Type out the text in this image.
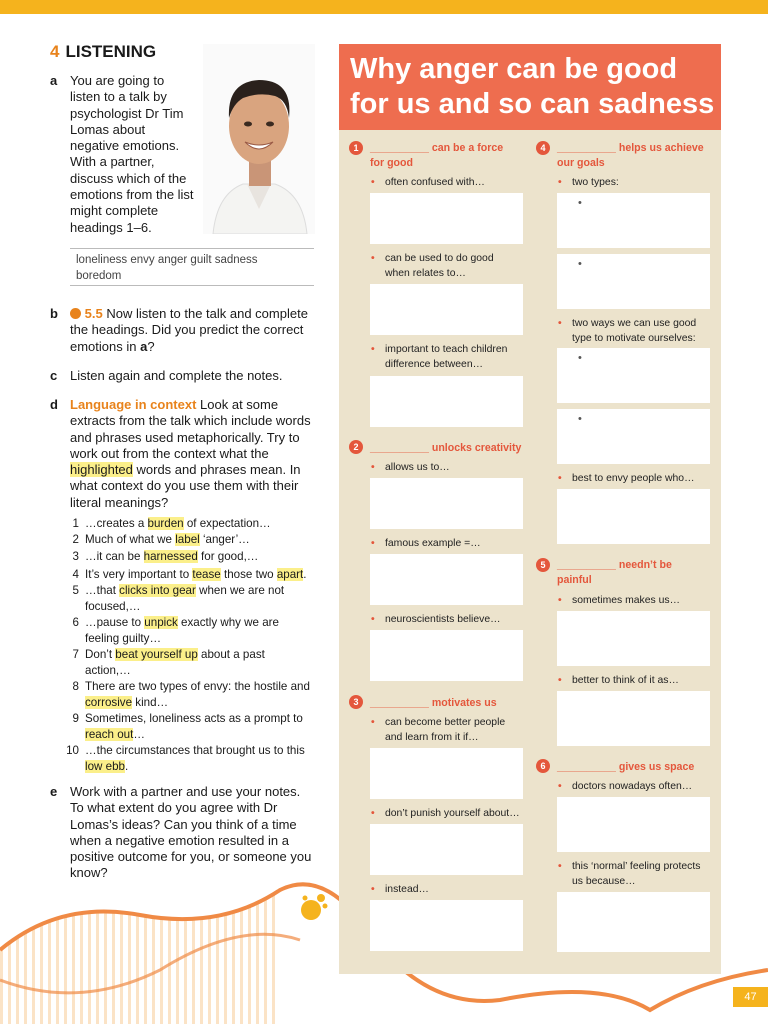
4 LISTENING
a You are going to listen to a talk by psychologist Dr Tim Lomas about negative emotions. With a partner, discuss which of the emotions from the list might complete headings 1–6.
loneliness envy anger guilt sadness
boredom
b	5.5 Now listen to the talk and complete the headings. Did you predict the correct emotions in a?
c Listen again and complete the notes.
d Language in context Look at some extracts from the talk which include words and phrases used metaphorically. Try to work out from the context what the highlighted words and phrases mean. In what context do you use them with their literal meanings?
1 …creates a burden of expectation…
2 Much of what we label ‘anger’…
3 …it can be harnessed for good,…
4 It’s very important to tease those two apart.
5 …that clicks into gear when we are not focused,…
6 …pause to unpick exactly why we are feeling guilty…
7 Don’t beat yourself up about a past action,…
8 There are two types of envy: the hostile and corrosive kind…
9 Sometimes, loneliness acts as a prompt to reach out…
10 …the circumstances that brought us to this low ebb.
e Work with a partner and use your notes. To what extent do you agree with Dr Lomas’s ideas? Can you think of a time when a negative emotion resulted in a positive outcome for you, or someone you know?
Why anger can be good
for us and so can sadness
1	__________ can be a force
for good
• often confused with…
• can be used to do good
when relates to…
• important to teach children
difference between…
2	__________ unlocks creativity
• allows us to…
• famous example =…
• neuroscientists believe…
3	__________ motivates us
• can become better people
and learn from it if…
• don’t punish yourself about…
• instead…
4	__________ helps us achieve
our goals
• two types:
•
•
• two ways we can use good
type to motivate ourselves:
•
•
• best to envy people who…
5	__________ needn’t be
painful
• sometimes makes us…
• better to think of it as…
6	__________ gives us space
• doctors nowadays often…
• this ‘normal’ feeling protects
us because…
47
